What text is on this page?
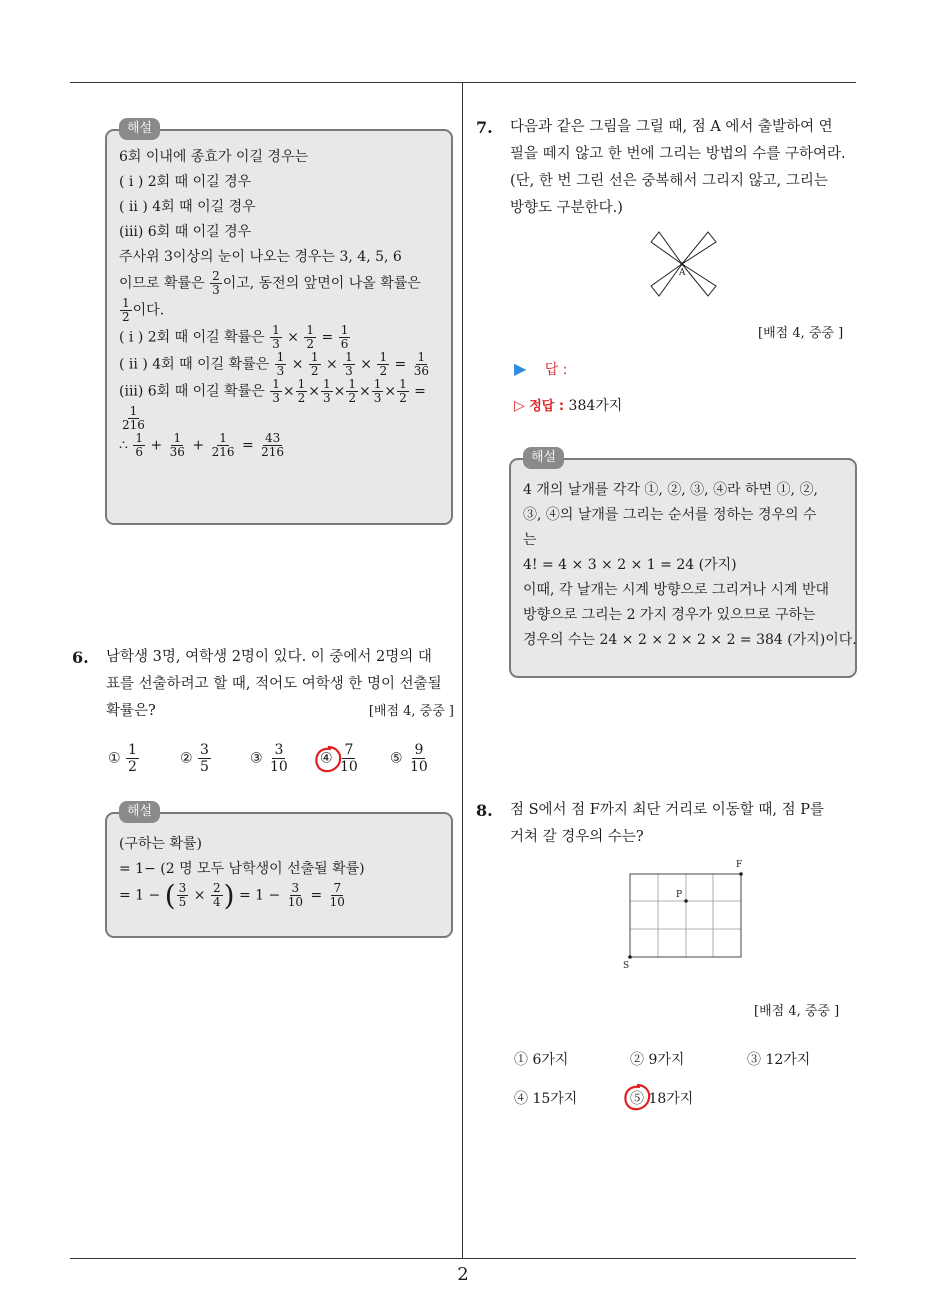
해설
6회 이내에 종효가 이길 경우는
( i ) 2회 때 이길 경우
( ii ) 4회 때 이길 경우
(iii) 6회 때 이길 경우
주사위 3이상의 눈이 나오는 경우는 3, 4, 5, 6
이므로 확률은 $\frac{2}{3}$ 이고, 동전의 앞면이 나올 확률은
$\frac{1}{2}$ 이다.
( i ) 2회 때 이길 확률은 $\frac{1}{3} \times \frac{1}{2} = \frac{1}{6}$
( ii ) 4회 때 이길 확률은 $\frac{1}{3} \times \frac{1}{2} \times \frac{1}{3} \times \frac{1}{2} = \frac{1}{36}$
(iii) 6회 때 이길 확률은 $\frac{1}{3} \times \frac{1}{2} \times \frac{1}{3} \times \frac{1}{2} \times \frac{1}{3} \times \frac{1}{2}$ =
$\frac{1}{216}$
∴ $\frac{1}{6} + \frac{1}{36} + \frac{1}{216} = \frac{43}{216}$
6. 남학생 3명, 여학생 2명이 있다. 이 중에서 2명의 대
표를 선출하려고 할 때, 적어도 여학생 한 명이 선출될
확률은?	[배점 4, 중중 ]
① $\frac{1}{2}$	② $\frac{3}{5}$	③ $\frac{3}{10}$ ④ $\frac{7}{10}$ ⑤ $\frac{9}{10}$
해설
(구하는 확률)
= 1− (2 명 모두 남학생이 선출될 확률)
= 1 − ( $\frac{3}{5} \times \frac{2}{4}$ ) = $1 - \frac{3}{10} = \frac{7}{10}$
7. 다음과 같은 그림을 그릴 때, 점 A 에서 출발하여 연
필을 떼지 않고 한 번에 그리는 방법의 수를 구하여라.
(단, 한 번 그린 선은 중복해서 그리지 않고, 그리는
방향도 구분한다.)
A
[배점 4, 중중 ]
▶ 답 :
▷ 정답 : 384가지
해설
4 개의 날개를 각각 ①, ②, ③, ④라 하면 ①, ②,
③, ④의 날개를 그리는 순서를 정하는 경우의 수
는
4! = 4 × 3 × 2 × 1 = 24 (가지)
이때, 각 날개는 시계 방향으로 그리거나 시계 반대
방향으로 그리는 2 가지 경우가 있으므로 구하는
경우의 수는 24 × 2 × 2 × 2 × 2 = 384 (가지)이다.
8. 점 S에서 점 F까지 최단 거리로 이동할 때, 점 P를
거쳐 갈 경우의 수는?
S
F
P
[배점 4, 중중 ]
① 6가지	② 9가지	③ 12가지
④ 15가지	⑤ 18가지
2
